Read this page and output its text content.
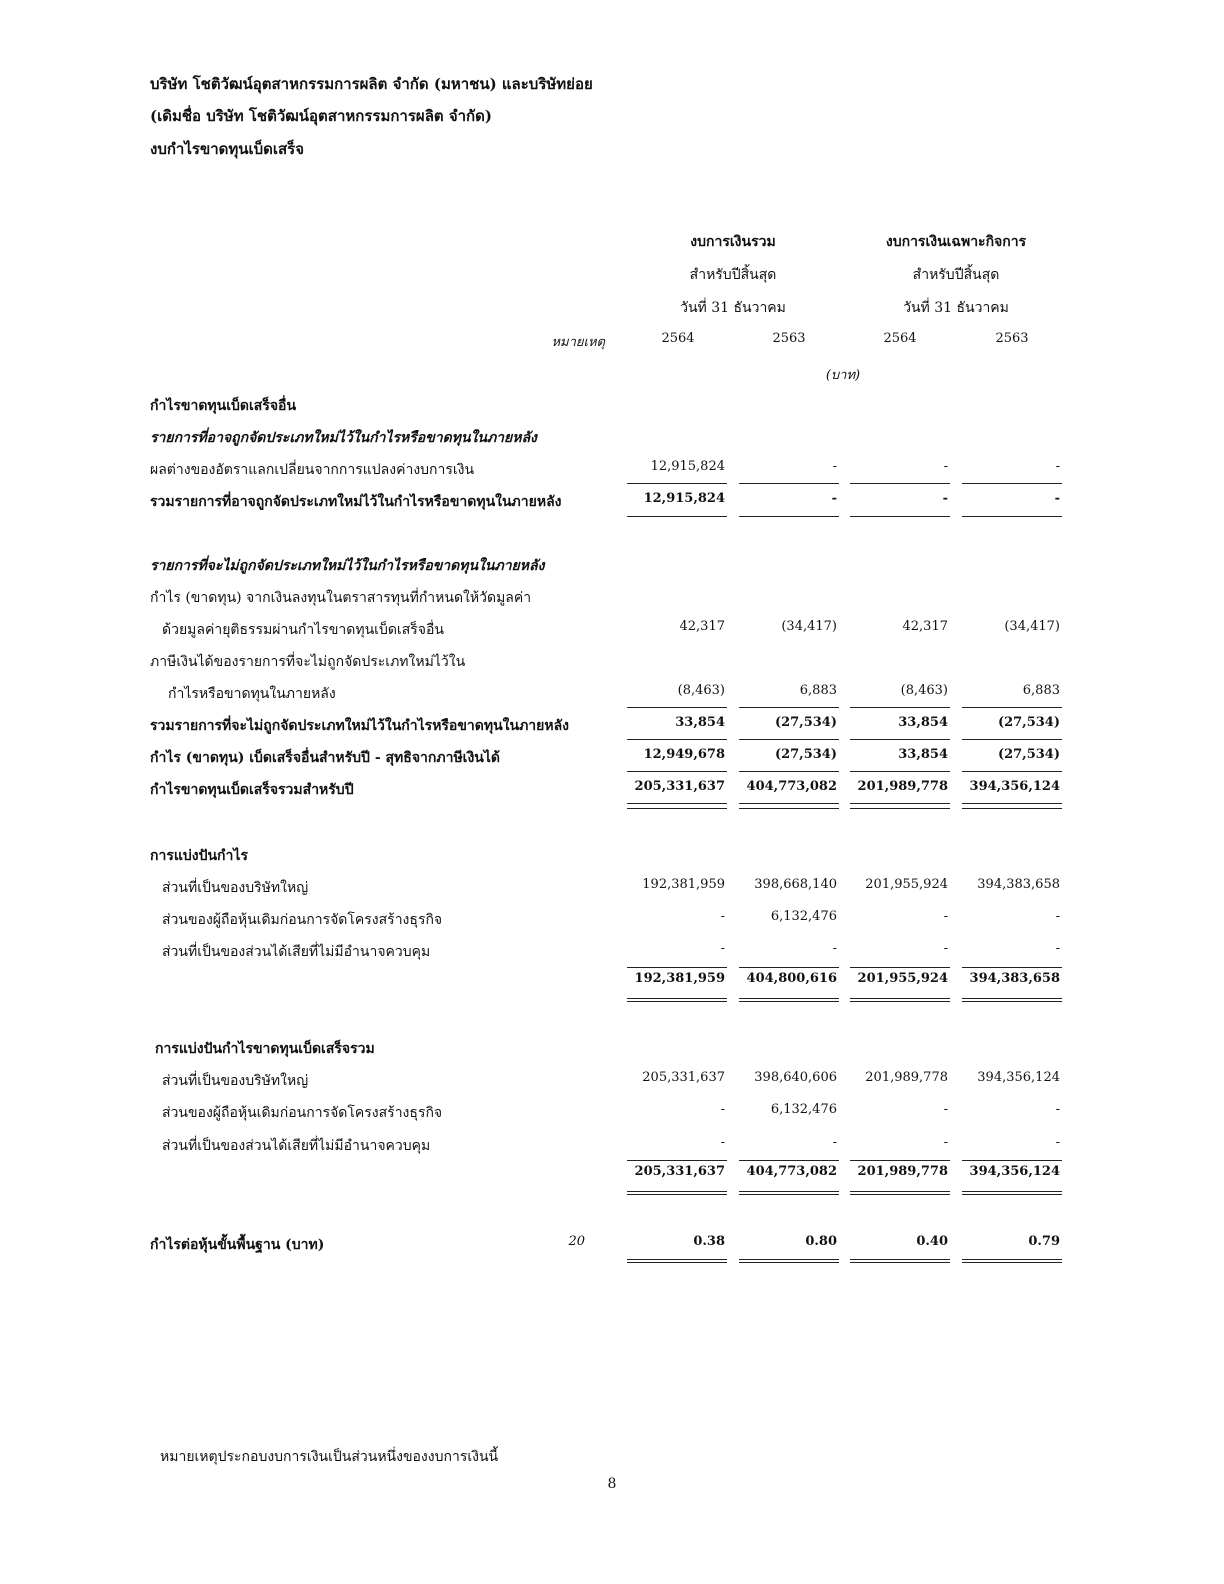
บริษัท โชติวัฒน์อุตสาหกรรมการผลิต จำกัด (มหาชน) และบริษัทย่อย
(เดิมชื่อ บริษัท โชติวัฒน์อุตสาหกรรมการผลิต จำกัด)
งบกำไรขาดทุนเบ็ดเสร็จ
งบการเงินรวม
สำหรับปีสิ้นสุด
วันที่ 31 ธันวาคม
งบการเงินเฉพาะกิจการ
สำหรับปีสิ้นสุด
วันที่ 31 ธันวาคม
หมายเหตุ	2564	2563	2564	2563
(บาท)
กำไรขาดทุนเบ็ดเสร็จอื่น
รายการที่อาจถูกจัดประเภทใหม่ไว้ในกำไรหรือขาดทุนในภายหลัง
ผลต่างของอัตราแลกเปลี่ยนจากการแปลงค่างบการเงิน	12,915,824	-	-	-
รวมรายการที่อาจถูกจัดประเภทใหม่ไว้ในกำไรหรือขาดทุนในภายหลัง	12,915,824	-	-	-
รายการที่จะไม่ถูกจัดประเภทใหม่ไว้ในกำไรหรือขาดทุนในภายหลัง
กำไร (ขาดทุน) จากเงินลงทุนในตราสารทุนที่กำหนดให้วัดมูลค่า
ด้วยมูลค่ายุติธรรมผ่านกำไรขาดทุนเบ็ดเสร็จอื่น	42,317	(34,417)	42,317	(34,417)
ภาษีเงินได้ของรายการที่จะไม่ถูกจัดประเภทใหม่ไว้ใน
กำไรหรือขาดทุนในภายหลัง	(8,463)	6,883	(8,463)	6,883
รวมรายการที่จะไม่ถูกจัดประเภทใหม่ไว้ในกำไรหรือขาดทุนในภายหลัง	33,854	(27,534)	33,854	(27,534)
กำไร (ขาดทุน) เบ็ดเสร็จอื่นสำหรับปี - สุทธิจากภาษีเงินได้	12,949,678	(27,534)	33,854	(27,534)
กำไรขาดทุนเบ็ดเสร็จรวมสำหรับปี	205,331,637	404,773,082	201,989,778	394,356,124
การแบ่งปันกำไร
ส่วนที่เป็นของบริษัทใหญ่	192,381,959	398,668,140	201,955,924	394,383,658
ส่วนของผู้ถือหุ้นเดิมก่อนการจัดโครงสร้างธุรกิจ	-	6,132,476	-	-
ส่วนที่เป็นของส่วนได้เสียที่ไม่มีอำนาจควบคุม	-	-	-	-
192,381,959	404,800,616	201,955,924	394,383,658
การแบ่งปันกำไรขาดทุนเบ็ดเสร็จรวม
ส่วนที่เป็นของบริษัทใหญ่	205,331,637	398,640,606	201,989,778	394,356,124
ส่วนของผู้ถือหุ้นเดิมก่อนการจัดโครงสร้างธุรกิจ	-	6,132,476	-	-
ส่วนที่เป็นของส่วนได้เสียที่ไม่มีอำนาจควบคุม	-	-	-	-
205,331,637	404,773,082	201,989,778	394,356,124
กำไรต่อหุ้นขั้นพื้นฐาน (บาท)	20	0.38	0.80	0.40	0.79
หมายเหตุประกอบงบการเงินเป็นส่วนหนึ่งของงบการเงินนี้
8
